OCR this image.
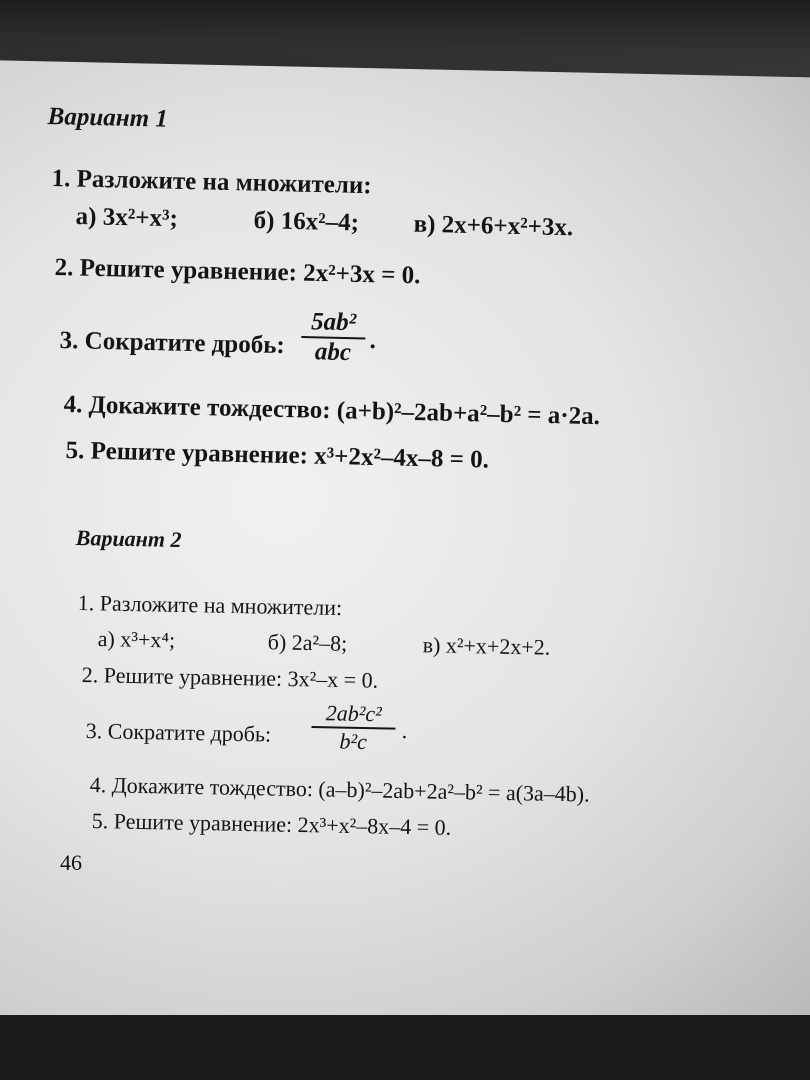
Вариант 1
1. Разложите на множители:
а) 3x²+x³;	б) 16x²–4; в) 2x+6+x²+3x.
2. Решите уравнение: 2x²+3x = 0.
3. Сократите дробь:
5ab²
abc .
4. Докажите тождество: (a+b)²–2ab+a²–b² = a·2a.
5. Решите уравнение: x³+2x²–4x–8 = 0.
Вариант 2
1. Разложите на множители:
а) x³+x⁴;	б) 2a²–8;	в) x²+x+2x+2.
2. Решите уравнение: 3x²–x = 0.
3. Сократите дробь:
2ab²c²
b²c	.
4. Докажите тождество: (a–b)²–2ab+2a²–b² = a(3a–4b).
5. Решите уравнение: 2x³+x²–8x–4 = 0.
46
